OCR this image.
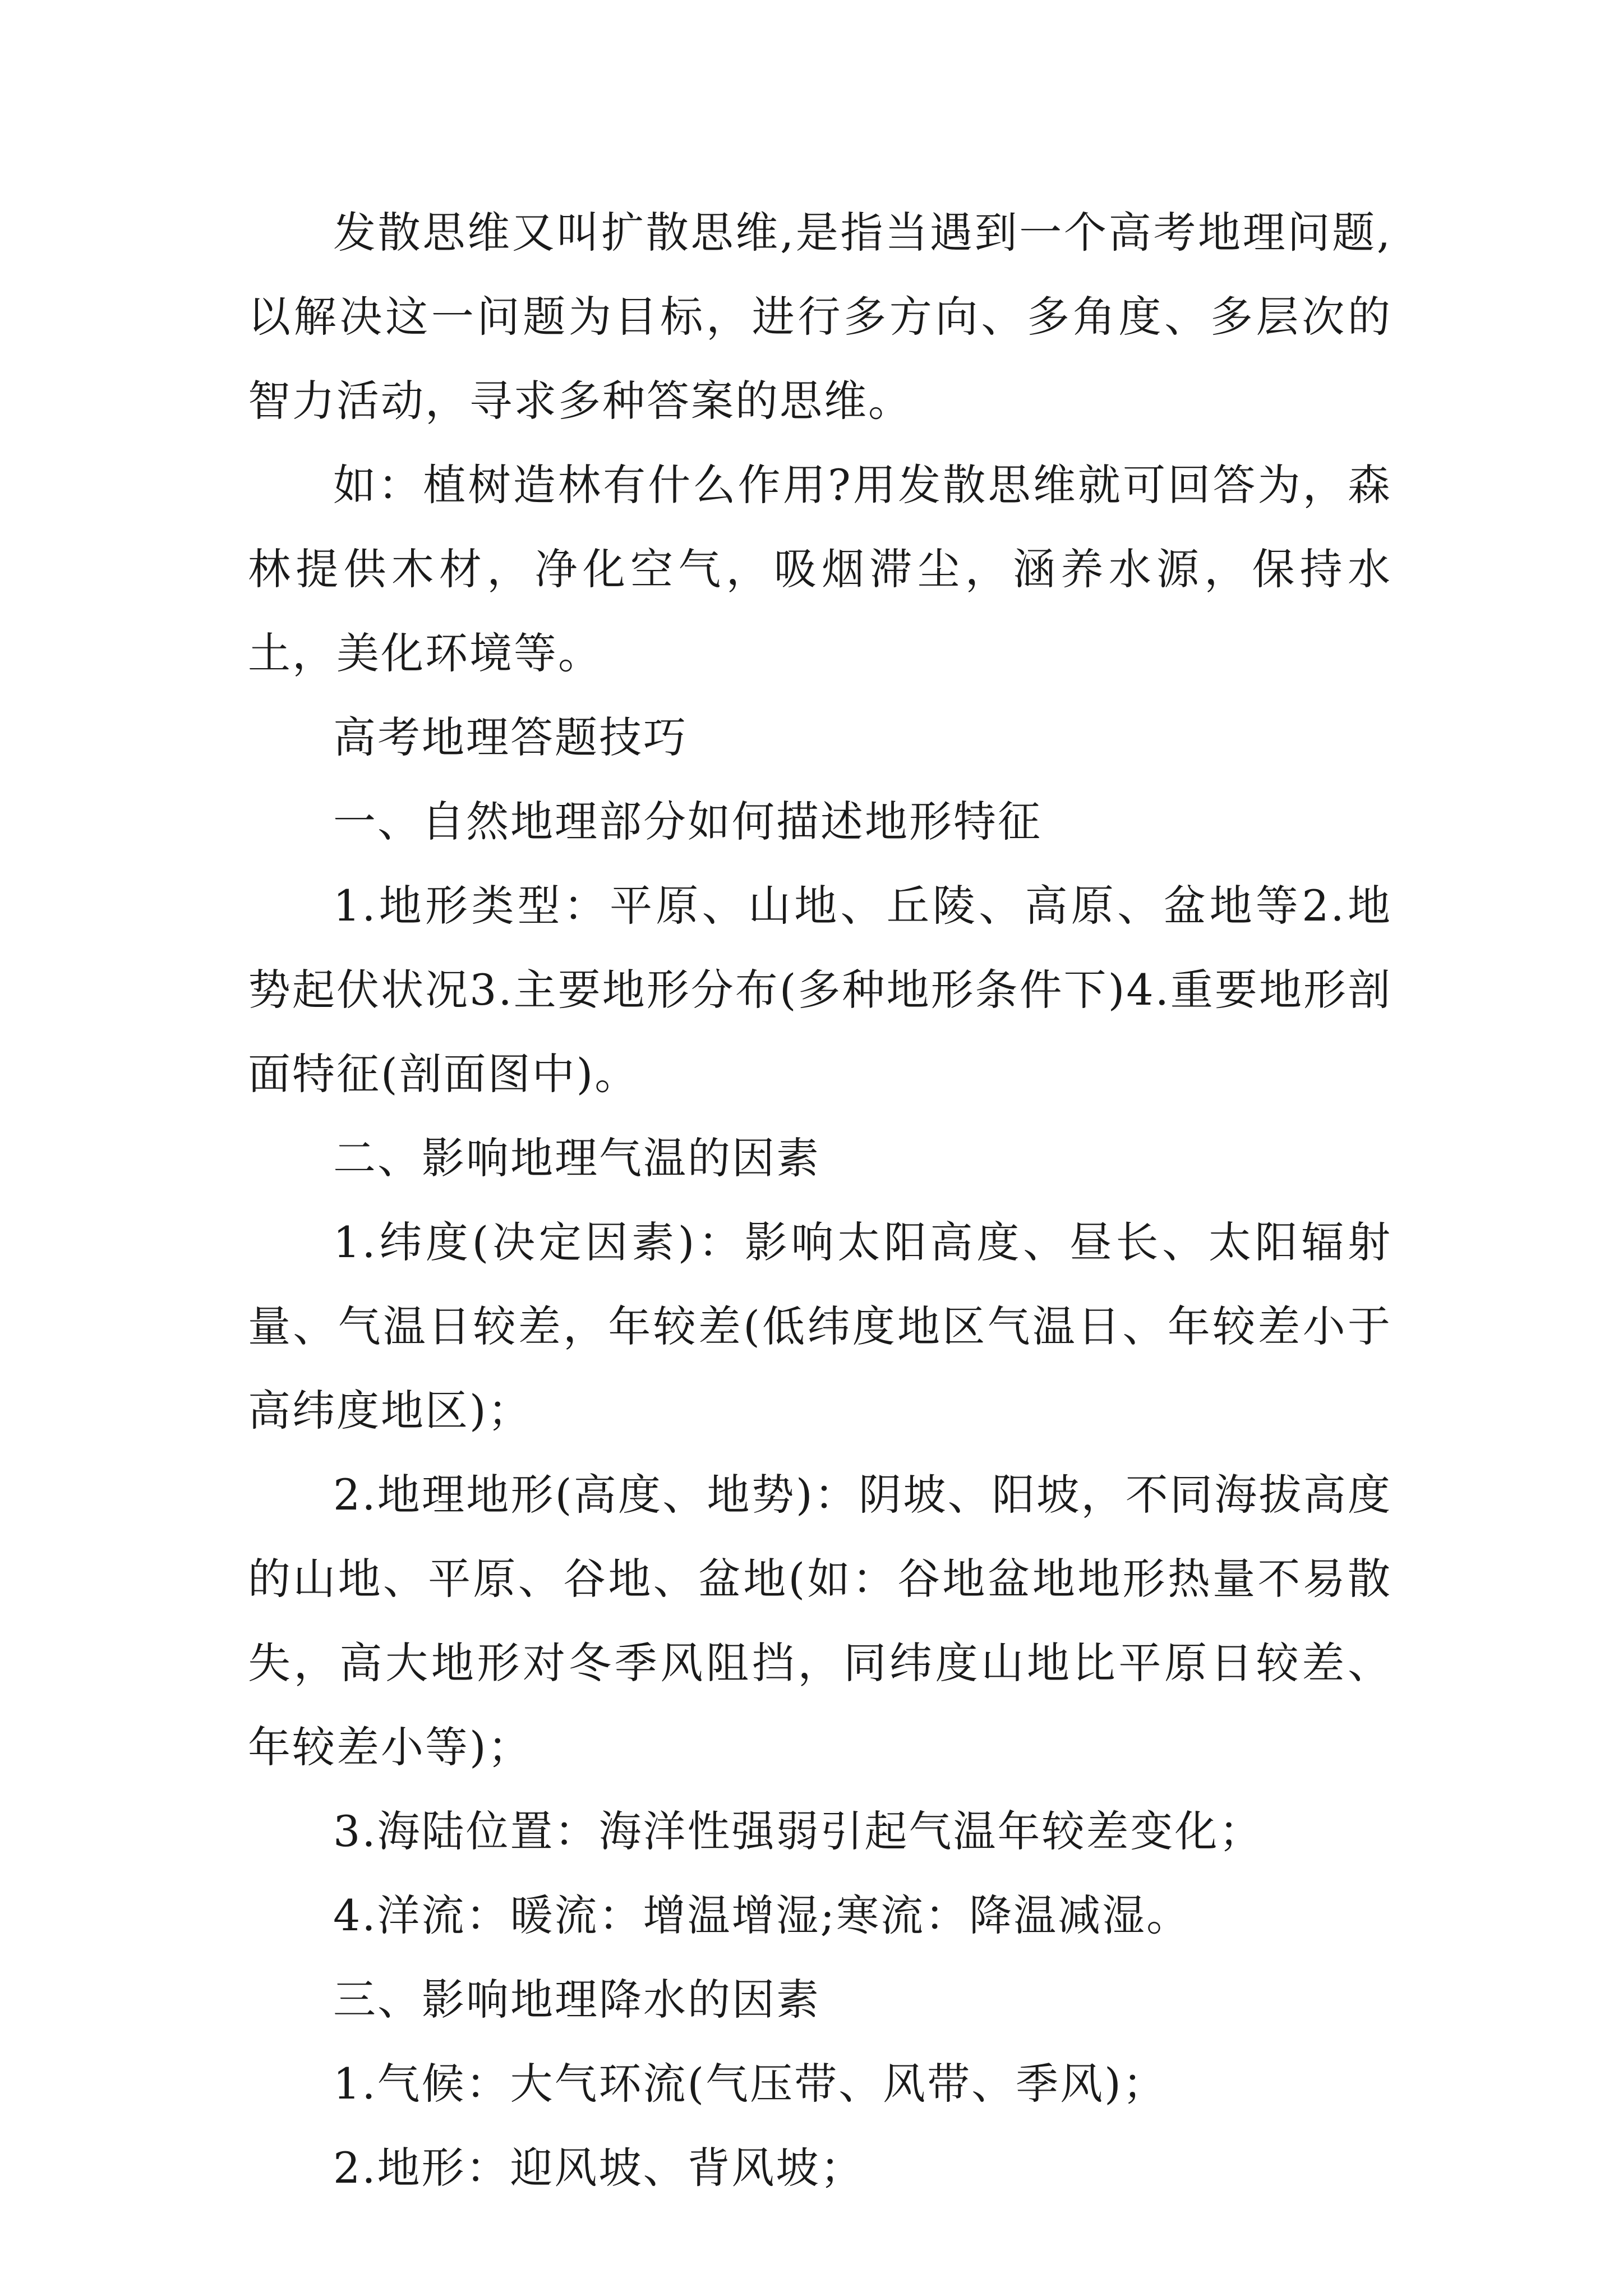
发散思维又叫扩散思维,是指当遇到一个高考地理问题,以解决这一问题为目标，进行多方向、多角度、多层次的智力活动，寻求多种答案的思维。

如：植树造林有什么作用?用发散思维就可回答为，森林提供木材，净化空气，吸烟滞尘，涵养水源，保持水土，美化环境等。

高考地理答题技巧

一、自然地理部分如何描述地形特征

1.地形类型：平原、山地、丘陵、高原、盆地等2.地势起伏状况3.主要地形分布(多种地形条件下)4.重要地形剖面特征(剖面图中)。

二、影响地理气温的因素

1.纬度(决定因素)：影响太阳高度、昼长、太阳辐射量、气温日较差，年较差(低纬度地区气温日、年较差小于高纬度地区)；

2.地理地形(高度、地势)：阴坡、阳坡，不同海拔高度的山地、平原、谷地、盆地(如：谷地盆地地形热量不易散失，高大地形对冬季风阻挡，同纬度山地比平原日较差、年较差小等)；

3.海陆位置：海洋性强弱引起气温年较差变化；

4.洋流：暖流：增温增湿;寒流：降温减湿。

三、影响地理降水的因素

1.气候：大气环流(气压带、风带、季风)；

2.地形：迎风坡、背风坡；
